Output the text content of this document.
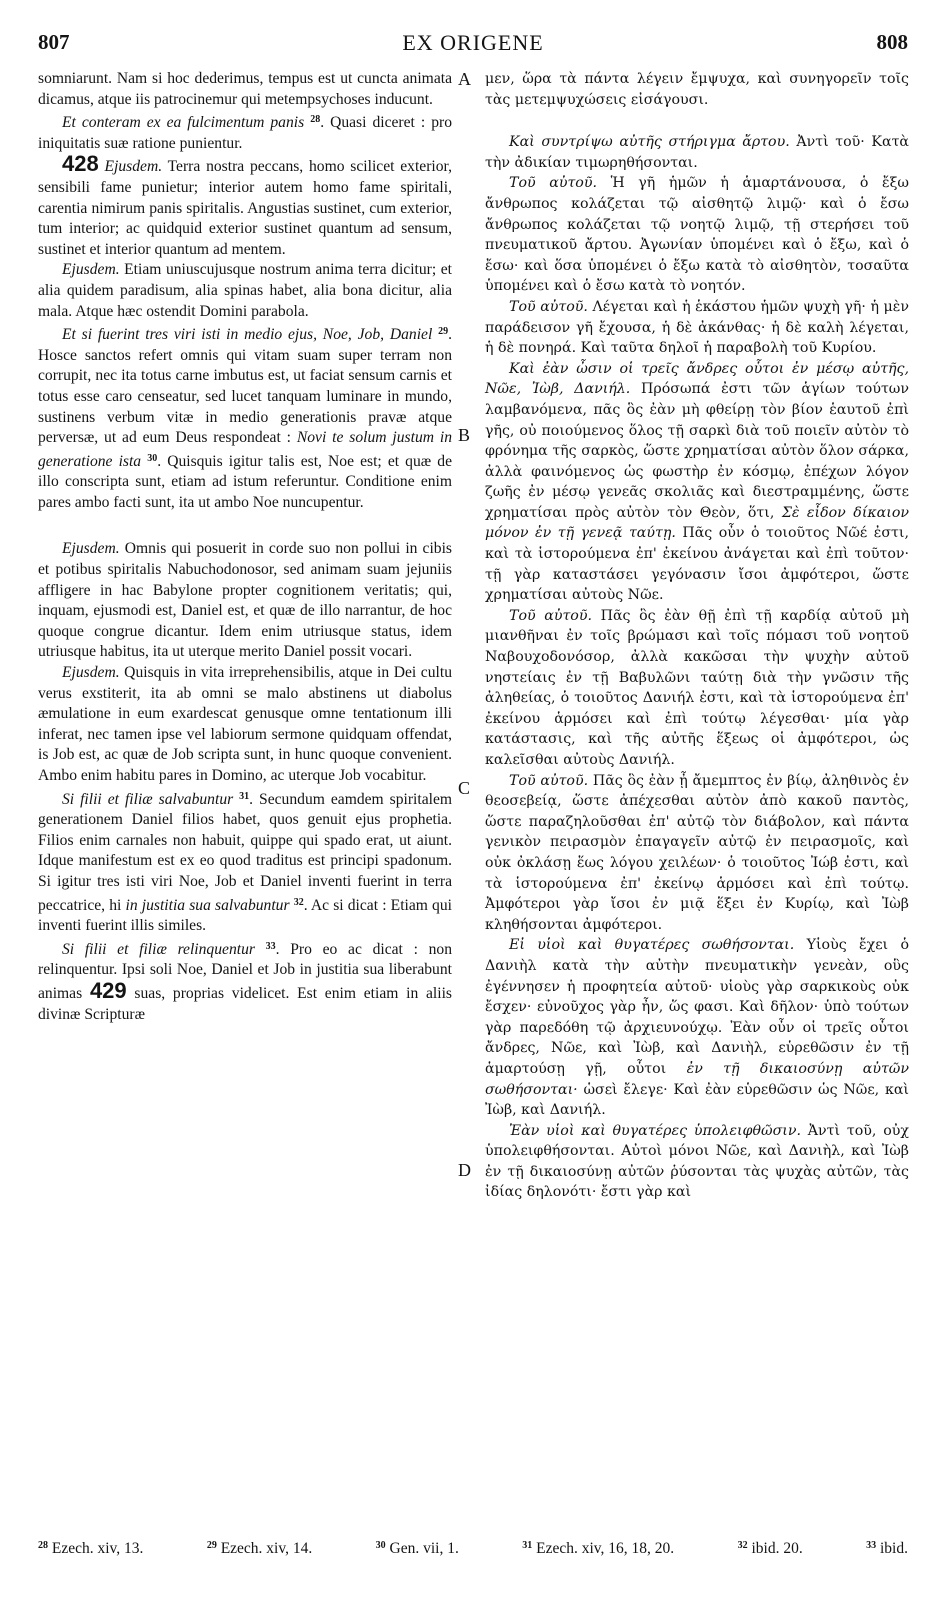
807	EX ORIGENE	808
A
B
C
D

somniarunt. Nam si hoc dederimus, tempus est ut cuncta animata dicamus, atque iis patrocinemur qui metempsychoses inducunt.

Et conteram ex ea fulcimentum panis $^{28}$. Quasi diceret : pro iniquitatis suæ ratione punientur.

428 Ejusdem. Terra nostra peccans, homo scilicet exterior, sensibili fame punietur; interior autem homo fame spiritali, carentia nimirum panis spiritalis. Angustias sustinet, cum exterior, tum interior; ac quidquid exterior sustinet quantum ad sensum, sustinet et interior quantum ad mentem.

Ejusdem. Etiam uniuscujusque nostrum anima terra dicitur; et alia quidem paradisum, alia spinas habet, alia bona dicitur, alia mala. Atque hæc ostendit Domini parabola.

Et si fuerint tres viri isti in medio ejus, Noe, Job, Daniel $^{29}$. Hosce sanctos refert omnis qui vitam suam super terram non corrupit, nec ita totus carne imbutus est, ut faciat sensum carnis et totus esse caro censeatur, sed lucet tanquam luminare in mundo, sustinens verbum vitæ in medio generationis pravæ atque perversæ, ut ad eum Deus respondeat : Novi te solum justum in generatione ista $^{30}$. Quisquis igitur talis est, Noe est; et quæ de illo conscripta sunt, etiam ad istum referuntur. Conditione enim pares ambo facti sunt, ita ut ambo Noe nuncupentur.

Ejusdem. Omnis qui posuerit in corde suo non pollui in cibis et potibus spiritalis Nabuchodonosor, sed animam suam jejuniis affligere in hac Babylone propter cognitionem veritatis; qui, inquam, ejusmodi est, Daniel est, et quæ de illo narrantur, de hoc quoque congrue dicantur. Idem enim utriusque status, idem utriusque habitus, ita ut uterque merito Daniel possit vocari.

Ejusdem. Quisquis in vita irreprehensibilis, atque in Dei cultu verus exstiterit, ita ab omni se malo abstinens ut diabolus æmulatione in eum exardescat genusque omne tentationum illi inferat, nec tamen ipse vel labiorum sermone quidquam offendat, is Job est, ac quæ de Job scripta sunt, in hunc quoque convenient. Ambo enim habitu pares in Domino, ac uterque Job vocabitur.

Si filii et filiæ salvabuntur $^{31}$. Secundum eamdem spiritalem generationem Daniel filios habet, quos genuit ejus prophetia. Filios enim carnales non habuit, quippe qui spado erat, ut aiunt. Idque manifestum est ex eo quod traditus est principi spadonum. Si igitur tres isti viri Noe, Job et Daniel inventi fuerint in terra peccatrice, hi in justitia sua salvabuntur $^{32}$. Ac si dicat : Etiam qui inventi fuerint illis similes.

Si filii et filiæ relinquentur $^{33}$. Pro eo ac dicat : non relinquentur. Ipsi soli Noe, Daniel et Job in justitia sua liberabunt animas 429 suas, proprias videlicet. Est enim etiam in aliis divinæ Scripturæ

μεν, ὥρα τὰ πάντα λέγειν ἔμψυχα, καὶ συνηγορεῖν τοῖς τὰς μετεμψυχώσεις εἰσάγουσι.

Καὶ συντρίψω αὐτῆς στήριγμα ἄρτου. Ἀντὶ τοῦ· Κατὰ τὴν ἀδικίαν τιμωρηθήσονται.

Τοῦ αὐτοῦ. Ἡ γῆ ἡμῶν ἡ ἁμαρτάνουσα, ὁ ἔξω ἄνθρωπος κολάζεται τῷ αἰσθητῷ λιμῷ· καὶ ὁ ἔσω ἄνθρωπος κολάζεται τῷ νοητῷ λιμῷ, τῇ στερήσει τοῦ πνευματικοῦ ἄρτου. Ἀγωνίαν ὑπομένει καὶ ὁ ἔξω, καὶ ὁ ἔσω· καὶ ὅσα ὑπομένει ὁ ἔξω κατὰ τὸ αἰσθητὸν, τοσαῦτα ὑπομένει καὶ ὁ ἔσω κατὰ τὸ νοητόν.

Τοῦ αὐτοῦ. Λέγεται καὶ ἡ ἑκάστου ἡμῶν ψυχὴ γῆ· ἡ μὲν παράδεισον γῆ ἔχουσα, ἡ δὲ ἀκάνθας· ἡ δὲ καλὴ λέγεται, ἡ δὲ πονηρά. Καὶ ταῦτα δηλοῖ ἡ παραβολὴ τοῦ Κυρίου.

Καὶ ἐὰν ὦσιν οἱ τρεῖς ἄνδρες οὗτοι ἐν μέσῳ αὐτῆς, Νῶε, Ἰὼβ, Δανιήλ. Πρόσωπά ἐστι τῶν ἁγίων τούτων λαμβανόμενα, πᾶς ὃς ἐὰν μὴ φθείρῃ τὸν βίον ἑαυτοῦ ἐπὶ γῆς, οὐ ποιούμενος ὅλος τῇ σαρκὶ διὰ τοῦ ποιεῖν αὐτὸν τὸ φρόνημα τῆς σαρκὸς, ὥστε χρηματίσαι αὐτὸν ὅλον σάρκα, ἀλλὰ φαινόμενος ὡς φωστὴρ ἐν κόσμῳ, ἐπέχων λόγον ζωῆς ἐν μέσῳ γενεᾶς σκολιᾶς καὶ διεστραμμένης, ὥστε χρηματίσαι πρὸς αὐτὸν τὸν Θεὸν, ὅτι, Σὲ εἶδον δίκαιον μόνον ἐν τῇ γενεᾷ ταύτῃ. Πᾶς οὖν ὁ τοιοῦτος Νῶέ ἐστι, καὶ τὰ ἱστορούμενα ἐπ' ἐκείνου ἀνάγεται καὶ ἐπὶ τοῦτον· τῇ γὰρ καταστάσει γεγόνασιν ἴσοι ἀμφότεροι, ὥστε χρηματίσαι αὐτοὺς Νῶε.

Τοῦ αὐτοῦ. Πᾶς ὃς ἐὰν θῇ ἐπὶ τῇ καρδίᾳ αὐτοῦ μὴ μιανθῆναι ἐν τοῖς βρώμασι καὶ τοῖς πόμασι τοῦ νοητοῦ Ναβουχοδονόσορ, ἀλλὰ κακῶσαι τὴν ψυχὴν αὐτοῦ νηστείαις ἐν τῇ Βαβυλῶνι ταύτῃ διὰ τὴν γνῶσιν τῆς ἀληθείας, ὁ τοιοῦτος Δανιήλ ἐστι, καὶ τὰ ἱστορούμενα ἐπ' ἐκείνου ἁρμόσει καὶ ἐπὶ τούτῳ λέγεσθαι· μία γὰρ κατάστασις, καὶ τῆς αὐτῆς ἕξεως οἱ ἀμφότεροι, ὡς καλεῖσθαι αὐτοὺς Δανιήλ.

Τοῦ αὐτοῦ. Πᾶς ὃς ἐὰν ᾖ ἄμεμπτος ἐν βίῳ, ἀληθινὸς ἐν θεοσεβείᾳ, ὥστε ἀπέχεσθαι αὐτὸν ἀπὸ κακοῦ παντὸς, ὥστε παραζηλοῦσθαι ἐπ' αὐτῷ τὸν διάβολον, καὶ πάντα γενικὸν πειρασμὸν ἐπαγαγεῖν αὐτῷ ἐν πειρασμοῖς, καὶ οὐκ ὀκλάσῃ ἕως λόγου χειλέων· ὁ τοιοῦτος Ἰώβ ἐστι, καὶ τὰ ἱστορούμενα ἐπ' ἐκείνῳ ἁρμόσει καὶ ἐπὶ τούτῳ. Ἀμφότεροι γὰρ ἴσοι ἐν μιᾷ ἕξει ἐν Κυρίῳ, καὶ Ἰὼβ κληθήσονται ἀμφότεροι.

Εἰ υἱοὶ καὶ θυγατέρες σωθήσονται. Υἱοὺς ἔχει ὁ Δανιὴλ κατὰ τὴν αὐτὴν πνευματικὴν γενεὰν, οὓς ἐγέννησεν ἡ προφητεία αὐτοῦ· υἱοὺς γὰρ σαρκικοὺς οὐκ ἔσχεν· εὐνοῦχος γὰρ ἦν, ὥς φασι. Καὶ δῆλον· ὑπὸ τούτων γὰρ παρεδόθη τῷ ἀρχιευνούχῳ. Ἐὰν οὖν οἱ τρεῖς οὗτοι ἄνδρες, Νῶε, καὶ Ἰὼβ, καὶ Δανιὴλ, εὑρεθῶσιν ἐν τῇ ἁμαρτούσῃ γῇ, οὗτοι ἐν τῇ δικαιοσύνῃ αὐτῶν σωθήσονται· ὡσεὶ ἔλεγε· Καὶ ἐὰν εὑρεθῶσιν ὡς Νῶε, καὶ Ἰὼβ, καὶ Δανιήλ.

Ἐὰν υἱοὶ καὶ θυγατέρες ὑπολειφθῶσιν. Ἀντὶ τοῦ, οὐχ ὑπολειφθήσονται. Αὐτοὶ μόνοι Νῶε, καὶ Δανιὴλ, καὶ Ἰὼβ ἐν τῇ δικαιοσύνῃ αὐτῶν ῥύσονται τὰς ψυχὰς αὐτῶν, τὰς ἰδίας δηλονότι· ἔστι γὰρ καὶ

$^{28}$ Ezech. xiv, 13.	$^{29}$ Ezech. xiv, 14.	$^{30}$ Gen. vii, 1.	$^{31}$ Ezech. xiv, 16, 18, 20.	$^{32}$ ibid. 20.	$^{33}$ ibid.
